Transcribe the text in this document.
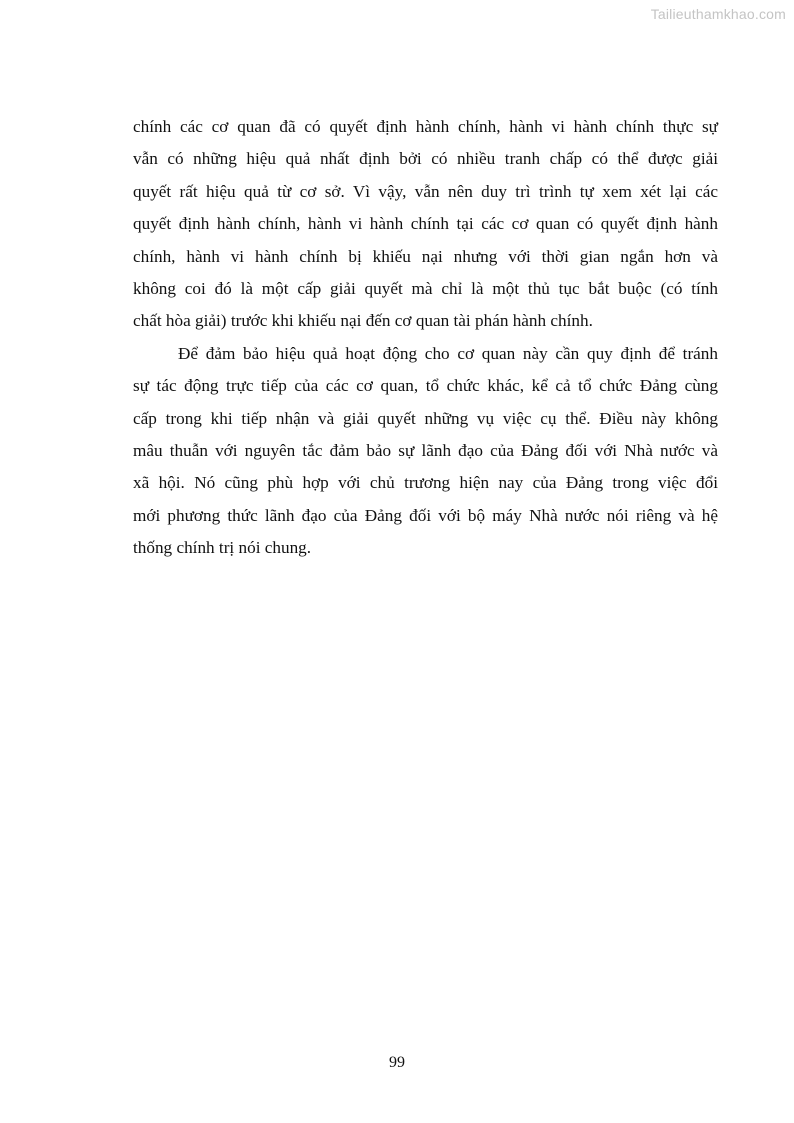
Tailieuthamkhao.com
chính các cơ quan đã có quyết định hành chính, hành vi hành chính thực sự
vẫn có những hiệu quả nhất định bởi có nhiều tranh chấp có thể được giải
quyết rất hiệu quả từ cơ sở. Vì vậy, vẫn nên duy trì trình tự xem xét lại các
quyết định hành chính, hành vi hành chính tại các cơ quan có quyết định hành
chính, hành vi hành chính bị khiếu nại nhưng với thời gian ngắn hơn và
không coi đó là một cấp giải quyết mà chỉ là một thủ tục bắt buộc (có tính
chất hòa giải) trước khi khiếu nại đến cơ quan tài phán hành chính.
Để đảm bảo hiệu quả hoạt động cho cơ quan này cần quy định để tránh
sự tác động trực tiếp của các cơ quan, tổ chức khác, kể cả tổ chức Đảng cùng
cấp trong khi tiếp nhận và giải quyết những vụ việc cụ thể. Điều này không
mâu thuẫn với nguyên tắc đảm bảo sự lãnh đạo của Đảng đối với Nhà nước và
xã hội. Nó cũng phù hợp với chủ trương hiện nay của Đảng trong việc đổi
mới phương thức lãnh đạo của Đảng đối với bộ máy Nhà nước nói riêng và hệ
thống chính trị nói chung.
99
